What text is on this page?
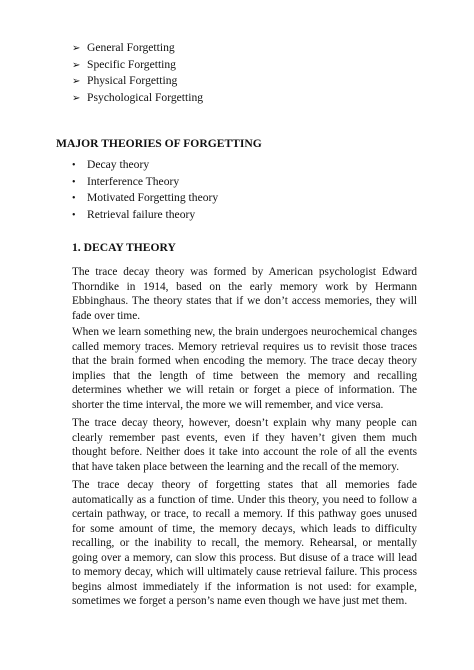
➢ General Forgetting
➢ Specific Forgetting
➢ Physical Forgetting
➢ Psychological Forgetting
MAJOR THEORIES OF FORGETTING
• Decay theory
• Interference Theory
• Motivated Forgetting theory
• Retrieval failure theory
1. DECAY THEORY

The trace decay theory was formed by American psychologist Edward Thorndike in 1914, based on the early memory work by Hermann Ebbinghaus. The theory states that if we don’t access memories, they will fade over time.

When we learn something new, the brain undergoes neurochemical changes called memory traces. Memory retrieval requires us to revisit those traces that the brain formed when encoding the memory. The trace decay theory implies that the length of time between the memory and recalling determines whether we will retain or forget a piece of information. The shorter the time interval, the more we will remember, and vice versa.

The trace decay theory, however, doesn’t explain why many people can clearly remember past events, even if they haven’t given them much thought before. Neither does it take into account the role of all the events that have taken place between the learning and the recall of the memory.

The trace decay theory of forgetting states that all memories fade automatically as a function of time. Under this theory, you need to follow a certain pathway, or trace, to recall a memory. If this pathway goes unused for some amount of time, the memory decays, which leads to difficulty recalling, or the inability to recall, the memory. Rehearsal, or mentally going over a memory, can slow this process. But disuse of a trace will lead to memory decay, which will ultimately cause retrieval failure. This process begins almost immediately if the information is not used: for example, sometimes we forget a person’s name even though we have just met them.
